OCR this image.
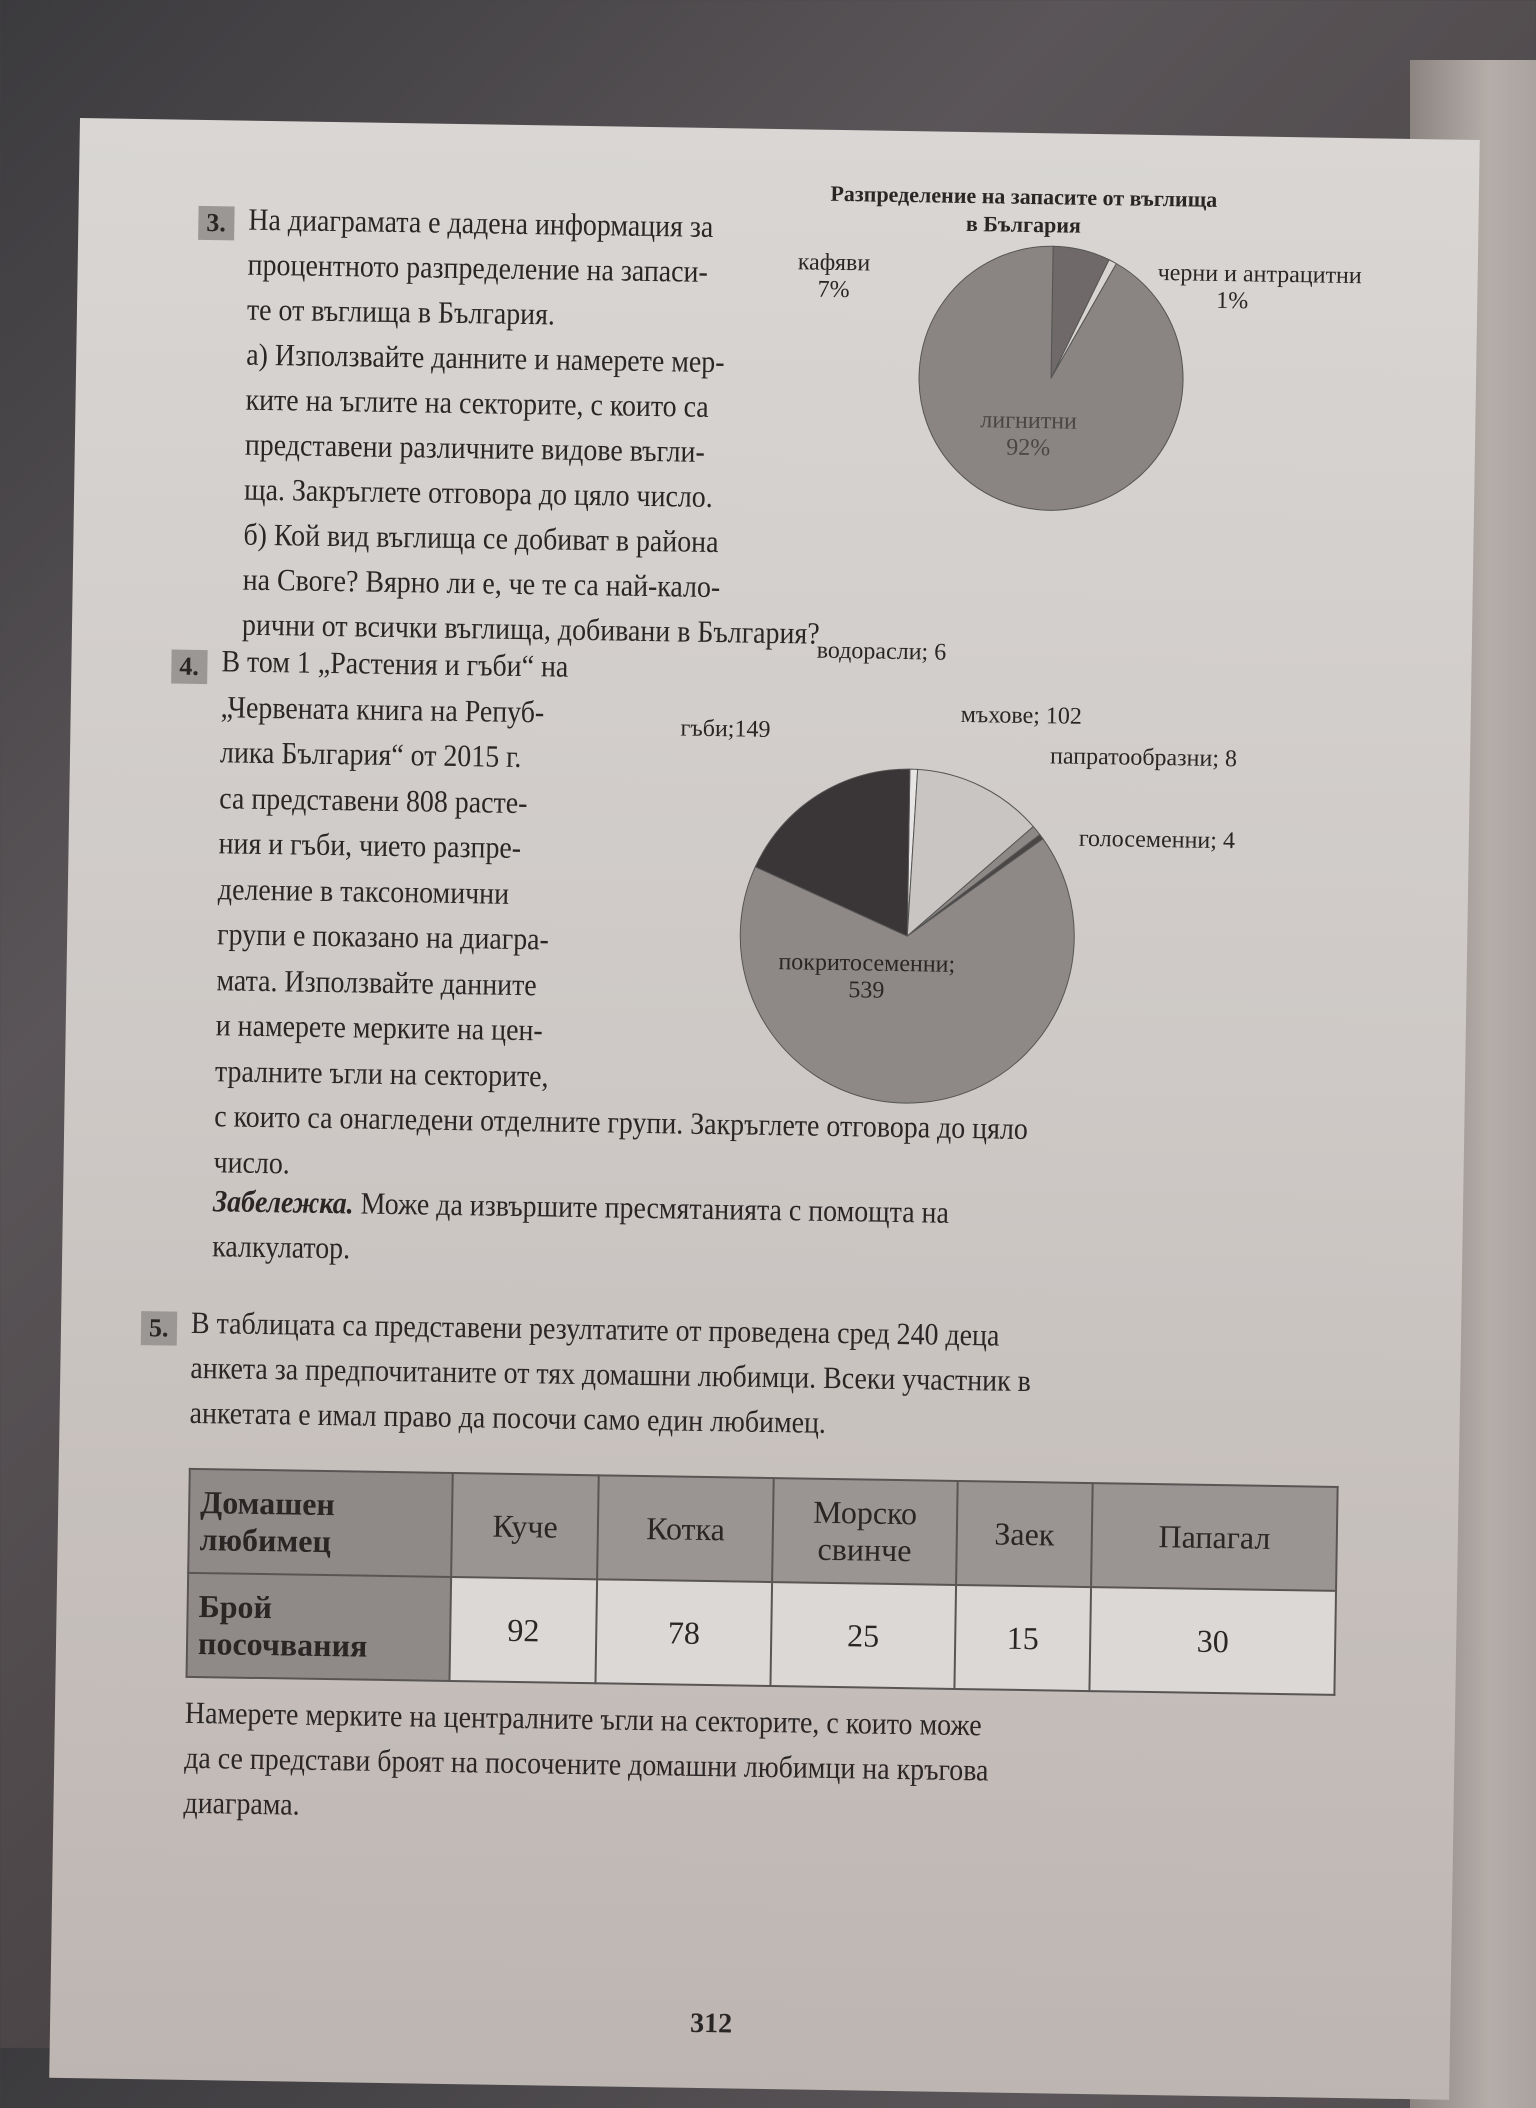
3. На диаграмата е дадена информация за
процентното разпределение на запаси-
те от въглища в България.
а) Използвайте данните и намерете мер-
ките на ъглите на секторите, с които са
представени различните видове въгли-
ща. Закръглете отговора до цяло число.
б) Кой вид въглища се добиват в района
на Своге? Вярно ли е, че те са най-кало-
рични от всички въглища, добивани в България?
Разпределение на запасите от въглища в България
кафяви
7%
черни и антрацитни
1%
лигнитни
92%
4. В том 1 „Растения и гъби“ на
„Червената книга на Репуб-
лика България“ от 2015 г.
са представени 808 расте-
ния и гъби, чието разпре-
деление в таксономични
групи е показано на диагра-
мата. Използвайте данните
и намерете мерките на цен-
тралните ъгли на секторите,
с които са онагледени отделните групи. Закръглете отговора до цяло
число.
Забележка. Може да извършите пресмятанията с помощта на
калкулатор.
водорасли; 6
мъхове; 102
папратообразни; 8
голосеменни; 4
гъби;149
покритосеменни; 539
5. В таблицата са представени резултатите от проведена сред 240 деца
анкета за предпочитаните от тях домашни любимци. Всеки участник в
анкетата е имал право да посочи само един любимец.
Домашен любимец	Куче	Котка	Морско свинче	Заек	Папагал
Брой посочвания	92	78	25	15	30
Намерете мерките на централните ъгли на секторите, с които може
да се представи броят на посочените домашни любимци на кръгова
диаграма.
312
